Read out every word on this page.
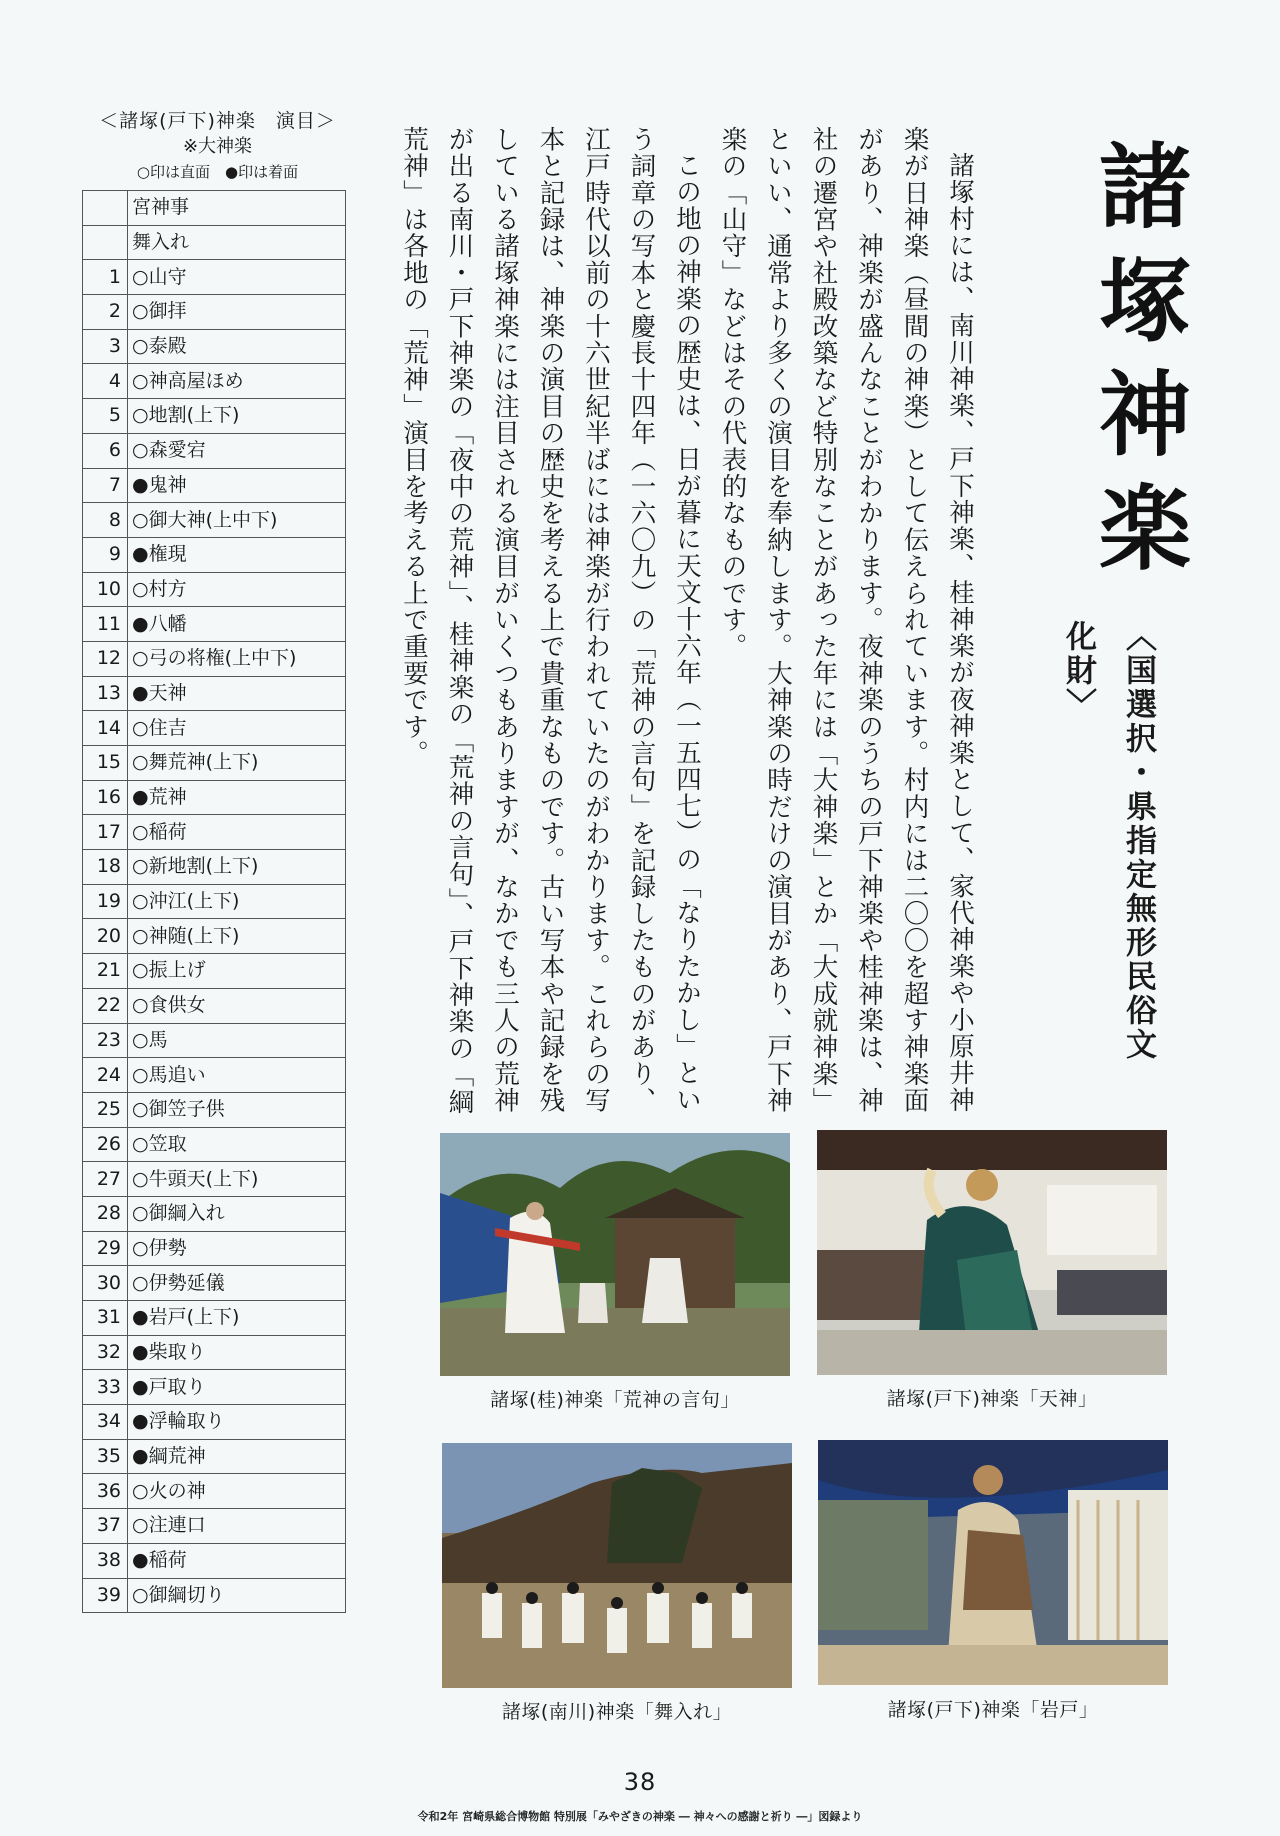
＜諸塚(戸下)神楽　演目＞
※大神楽
○印は直面　●印は着面
	宮神事
	舞入れ
1	○山守
2	○御拝
3	○泰殿
4	○神高屋ほめ
5	○地割(上下)
6	○森愛宕
7	●鬼神
8	○御大神(上中下)
9	●権現
10	○村方
11	●八幡
12	○弓の将権(上中下)
13	●天神
14	○住吉
15	○舞荒神(上下)
16	●荒神
17	○稲荷
18	○新地割(上下)
19	○沖江(上下)
20	○神随(上下)
21	○振上げ
22	○食供女
23	○馬
24	○馬追い
25	○御笠子供
26	○笠取
27	○牛頭天(上下)
28	○御綱入れ
29	○伊勢
30	○伊勢延儀
31	●岩戸(上下)
32	●柴取り
33	●戸取り
34	●浮輪取り
35	●綱荒神
36	○火の神
37	○注連口
38	●稲荷
39	○御綱切り
諸塚神楽
〈国選択・県指定無形民俗文化財〉

諸塚村には、南川神楽、戸下神楽、桂神楽が夜神楽として、家代神楽や小原井神楽が日神楽（昼間の神楽）として伝えられています。村内には二〇〇を超す神楽面があり、神楽が盛んなことがわかります。夜神楽のうちの戸下神楽や桂神楽は、神社の遷宮や社殿改築など特別なことがあった年には「大神楽」とか「大成就神楽」といい、通常より多くの演目を奉納します。大神楽の時だけの演目があり、戸下神楽の「山守」などはその代表的なものです。

この地の神楽の歴史は、日が暮に天文十六年（一五四七）の「なりたかし」という詞章の写本と慶長十四年（一六〇九）の「荒神の言句」を記録したものがあり、江戸時代以前の十六世紀半ばには神楽が行われていたのがわかります。これらの写本と記録は、神楽の演目の歴史を考える上で貴重なものです。古い写本や記録を残している諸塚神楽には注目される演目がいくつもありますが、なかでも三人の荒神が出る南川・戸下神楽の「夜中の荒神」、桂神楽の「荒神の言句」、戸下神楽の「綱荒神」は各地の「荒神」演目を考える上で重要です。

諸塚(桂)神楽「荒神の言句」	諸塚(戸下)神楽「天神」
諸塚(南川)神楽「舞入れ」	諸塚(戸下)神楽「岩戸」
38
令和2年 宮崎県総合博物館 特別展「みやざきの神楽 ― 神々への感謝と祈り ―」図録より
